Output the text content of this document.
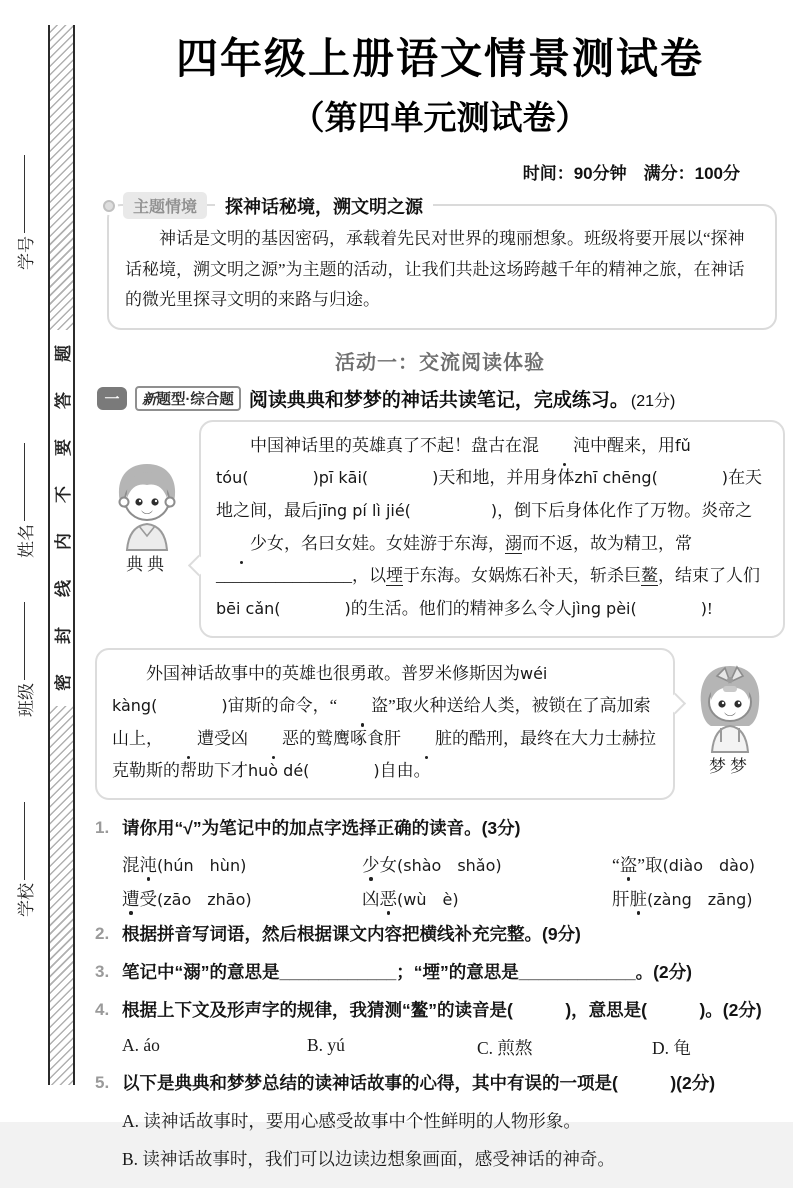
学号
姓名
班级
学校
题
答
要
不
内
线
封
密
四年级上册语文情景测试卷
（第四单元测试卷）
时间：90分钟　满分：100分
主题情境	探神话秘境，溯文明之源

神话是文明的基因密码，承载着先民对世界的瑰丽想象。班级将要开展以“探神话秘境，溯文明之源”为主题的活动，让我们共赴这场跨越千年的精神之旅，在神话的微光里探寻文明的来路与归途。

活动一：交流阅读体验
一	新题型·综合题 阅读典典和梦梦的神话共读笔记，完成练习。 (21分)
典典

中国神话里的英雄真了不起！盘古在混 沌中醒来，用fǔ tóu(　　　　)pī kāi(　　　　)天和地，并用身体zhī chēng(　　　　)在天地之间，最后jīng pí lì jié(　　　　　)，倒下后身体化作了万物。炎帝之少女，名曰女娃。女娃游于东海，溺而不返，故为精卫，常________________，以堙于东海。女娲炼石补天，斩杀巨鳌，结束了人们bēi cǎn(　　　　)的生活。他们的精神多么令人jìng pèi(　　　　)!

外国神话故事中的英雄也很勇敢。普罗米修斯因为wéi kàng(　　　　)宙斯的命令，“ 盗”取火种送给人类，被锁在了高加索山上， 遭受凶 恶的鹫鹰啄食肝 脏的酷刑，最终在大力士赫拉克勒斯的帮助下才huò dé(　　　　)自由。	梦梦
1. 请你用“√”为笔记中的加点字选择正确的读音。(3分)
混沌(hún　hùn)	少女(shào　shǎo)	“盗”取(diào　dào)
遭受(zāo　zhāo)	凶恶(wù　è)	肝脏(zàng　zāng)
2. 根据拼音写词语，然后根据课文内容把横线补充完整。(9分)
3. 笔记中“溺”的意思是____________；“堙”的意思是____________。(2分)
4. 根据上下文及形声字的规律，我猜测“鳌”的读音是(　　　)，意思是(　　　)。(2分)
A. áo	B. yú	C. 煎熬	D. 龟
5. 以下是典典和梦梦总结的读神话故事的心得，其中有误的一项是(　　　)(2分)
A. 读神话故事时，要用心感受故事中个性鲜明的人物形象。
B. 读神话故事时，我们可以边读边想象画面，感受神话的神奇。
